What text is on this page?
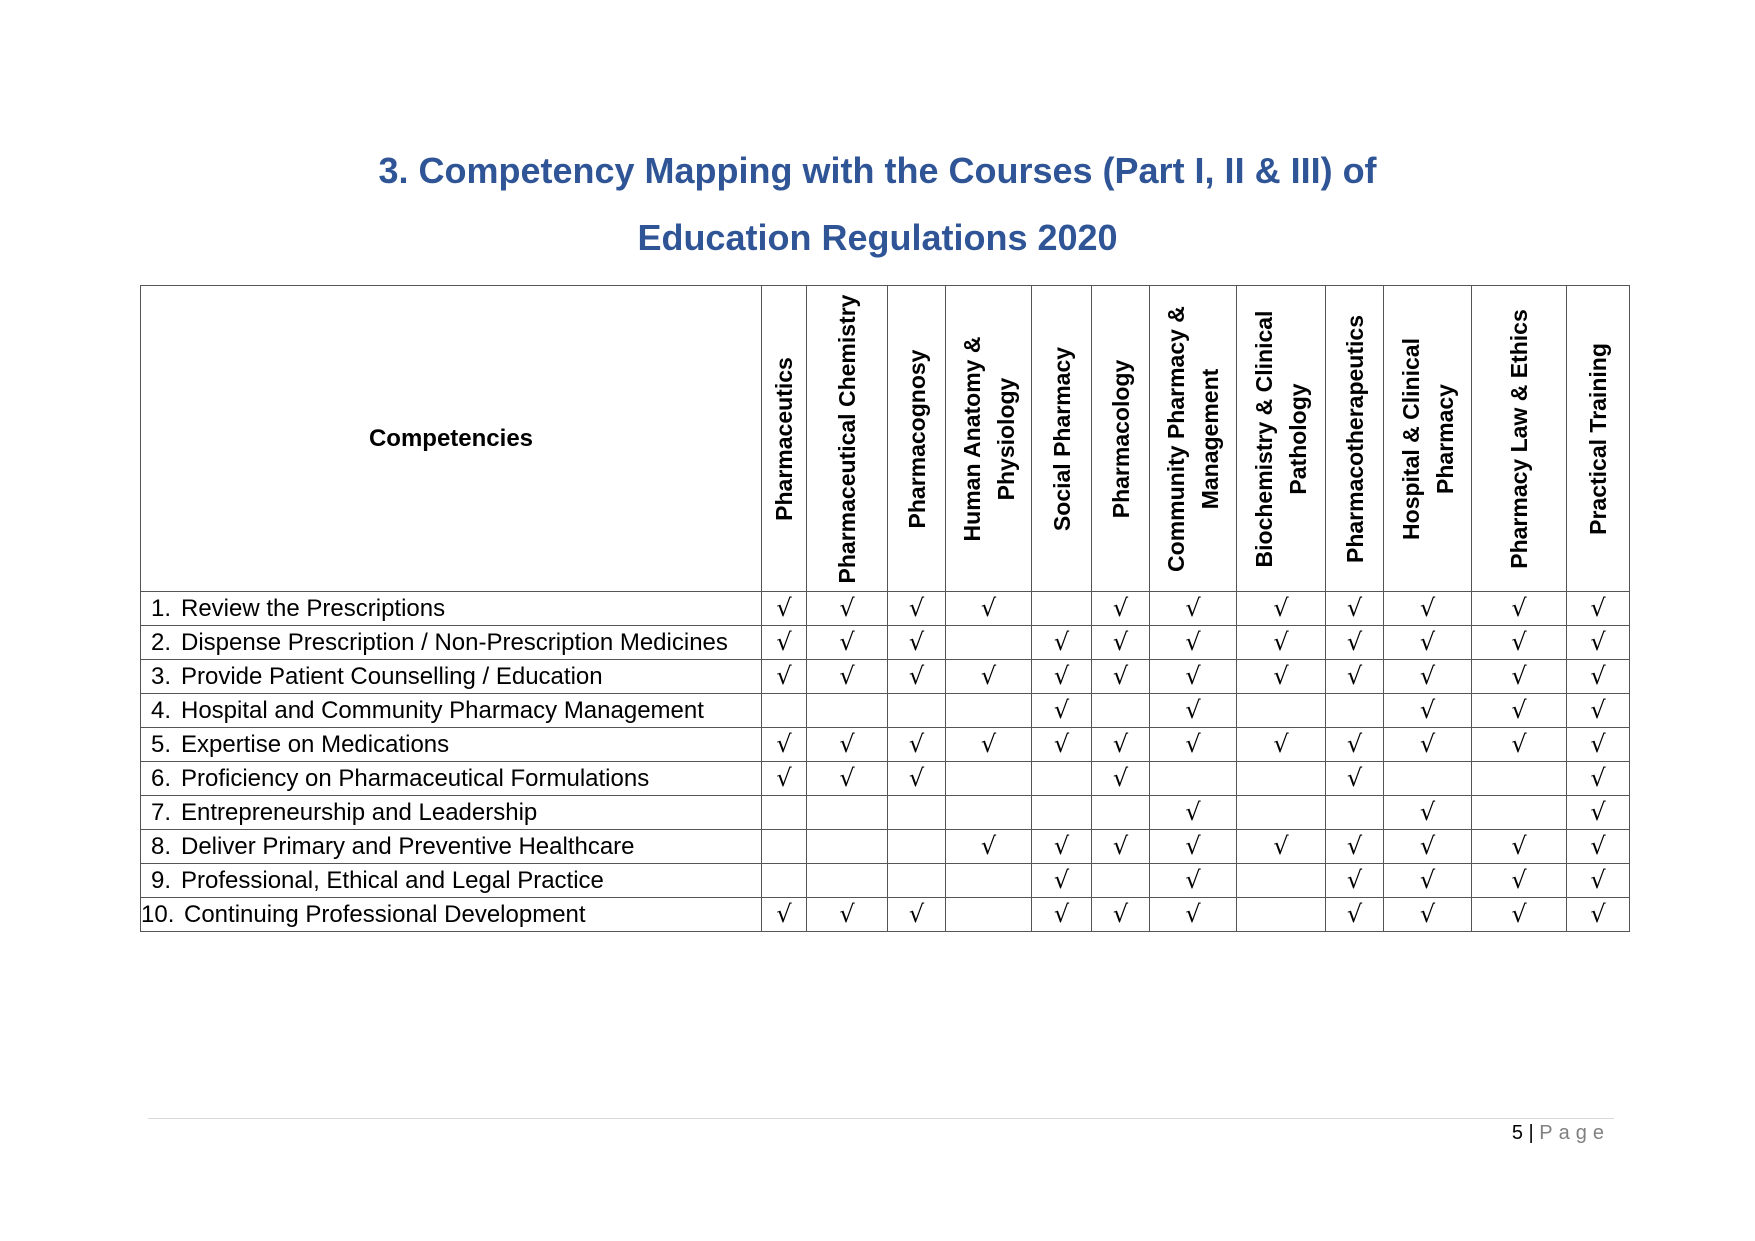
3. Competency Mapping with the Courses (Part I, II & III) of
Education Regulations 2020
Competencies	Pharmaceutics	Pharmaceutical Chemistry	Pharmacognosy	Human Anatomy & Physiology	Social Pharmacy	Pharmacology	Community Pharmacy & Management	Biochemistry & Clinical Pathology	Pharmacotherapeutics	Hospital & Clinical Pharmacy	Pharmacy Law & Ethics	Practical Training

1. Review the Prescriptions	√	√	√	√		√	√	√	√	√	√	√

2. Dispense Prescription / Non-Prescription Medicines	√	√	√		√	√	√	√	√	√	√	√

3. Provide Patient Counselling / Education	√	√	√	√	√	√	√	√	√	√	√	√

4. Hospital and Community Pharmacy Management					√		√			√	√	√

5. Expertise on Medications	√	√	√	√	√	√	√	√	√	√	√	√

6. Proficiency on Pharmaceutical Formulations	√	√	√			√			√			√

7. Entrepreneurship and Leadership							√			√		√

8. Deliver Primary and Preventive Healthcare				√	√	√	√	√	√	√	√	√

9. Professional, Ethical and Legal Practice					√		√		√	√	√	√

10. Continuing Professional Development	√	√	√		√	√	√		√	√	√	√
5 | Page
